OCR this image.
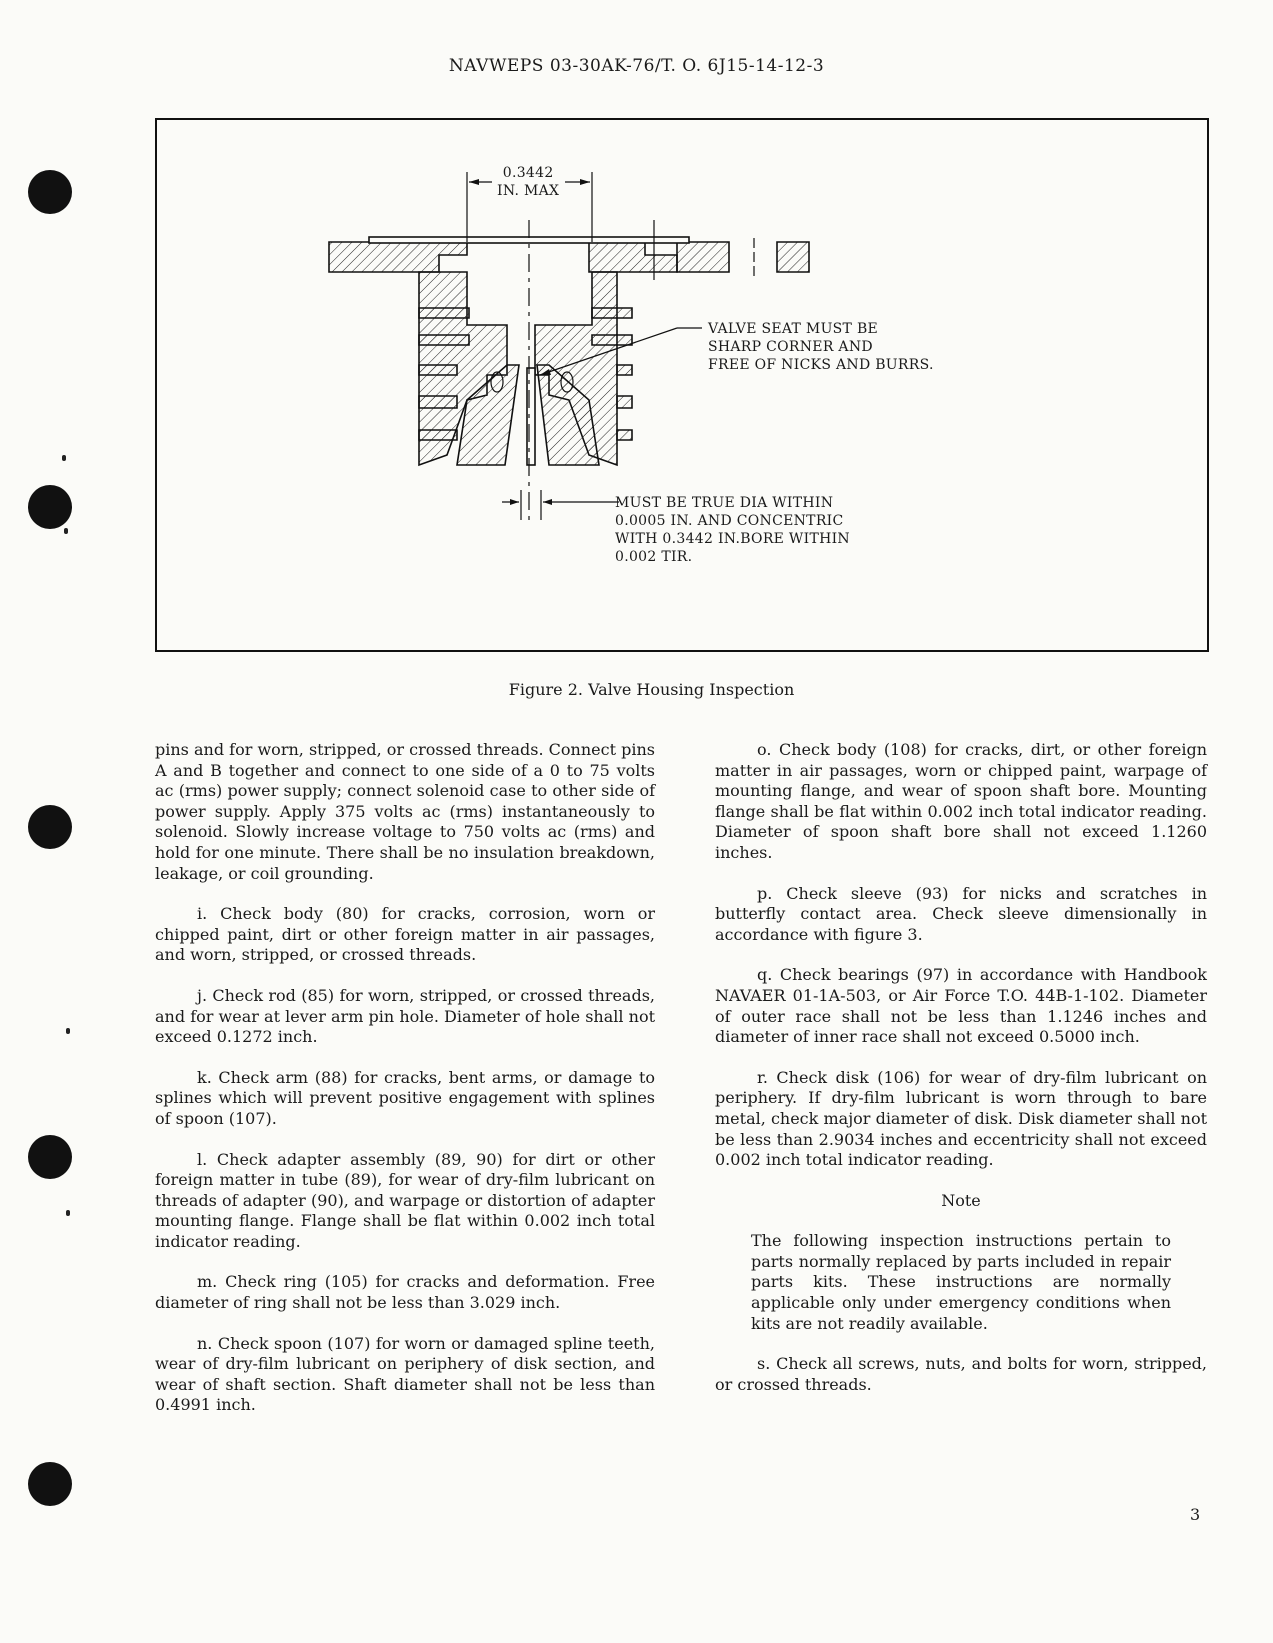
NAVWEPS 03-30AK-76/T. O. 6J15-14-12-3
0.3442
IN. MAX
VALVE SEAT MUST BE
SHARP CORNER AND
FREE OF NICKS AND BURRS.
MUST BE TRUE DIA WITHIN
0.0005 IN. AND CONCENTRIC
WITH 0.3442 IN.BORE WITHIN
0.002 TIR.
Figure 2. Valve Housing Inspection

pins and for worn, stripped, or crossed threads. Connect pins A and B together and connect to one side of a 0 to 75 volts ac (rms) power supply; connect solenoid case to other side of power supply. Apply 375 volts ac (rms) instantaneously to solenoid. Slowly increase voltage to 750 volts ac (rms) and hold for one minute. There shall be no insulation breakdown, leakage, or coil grounding.

i. Check body (80) for cracks, corrosion, worn or chipped paint, dirt or other foreign matter in air passages, and worn, stripped, or crossed threads.

j. Check rod (85) for worn, stripped, or crossed threads, and for wear at lever arm pin hole. Diameter of hole shall not exceed 0.1272 inch.

k. Check arm (88) for cracks, bent arms, or damage to splines which will prevent positive engagement with splines of spoon (107).

l. Check adapter assembly (89, 90) for dirt or other foreign matter in tube (89), for wear of dry-film lubricant on threads of adapter (90), and warpage or distortion of adapter mounting flange. Flange shall be flat within 0.002 inch total indicator reading.

m. Check ring (105) for cracks and deformation. Free diameter of ring shall not be less than 3.029 inch.

n. Check spoon (107) for worn or damaged spline teeth, wear of dry-film lubricant on periphery of disk section, and wear of shaft section. Shaft diameter shall not be less than 0.4991 inch.

o. Check body (108) for cracks, dirt, or other foreign matter in air passages, worn or chipped paint, warpage of mounting flange, and wear of spoon shaft bore. Mounting flange shall be flat within 0.002 inch total indicator reading. Diameter of spoon shaft bore shall not exceed 1.1260 inches.

p. Check sleeve (93) for nicks and scratches in butterfly contact area. Check sleeve dimensionally in accordance with figure 3.

q. Check bearings (97) in accordance with Handbook NAVAER 01-1A-503, or Air Force T.O. 44B-1-102. Diameter of outer race shall not be less than 1.1246 inches and diameter of inner race shall not exceed 0.5000 inch.

r. Check disk (106) for wear of dry-film lubricant on periphery. If dry-film lubricant is worn through to bare metal, check major diameter of disk. Disk diameter shall not be less than 2.9034 inches and eccentricity shall not exceed 0.002 inch total indicator reading.

Note

The following inspection instructions pertain to parts normally replaced by parts included in repair parts kits. These instructions are normally applicable only under emergency conditions when kits are not readily available.

s. Check all screws, nuts, and bolts for worn, stripped, or crossed threads.

3
